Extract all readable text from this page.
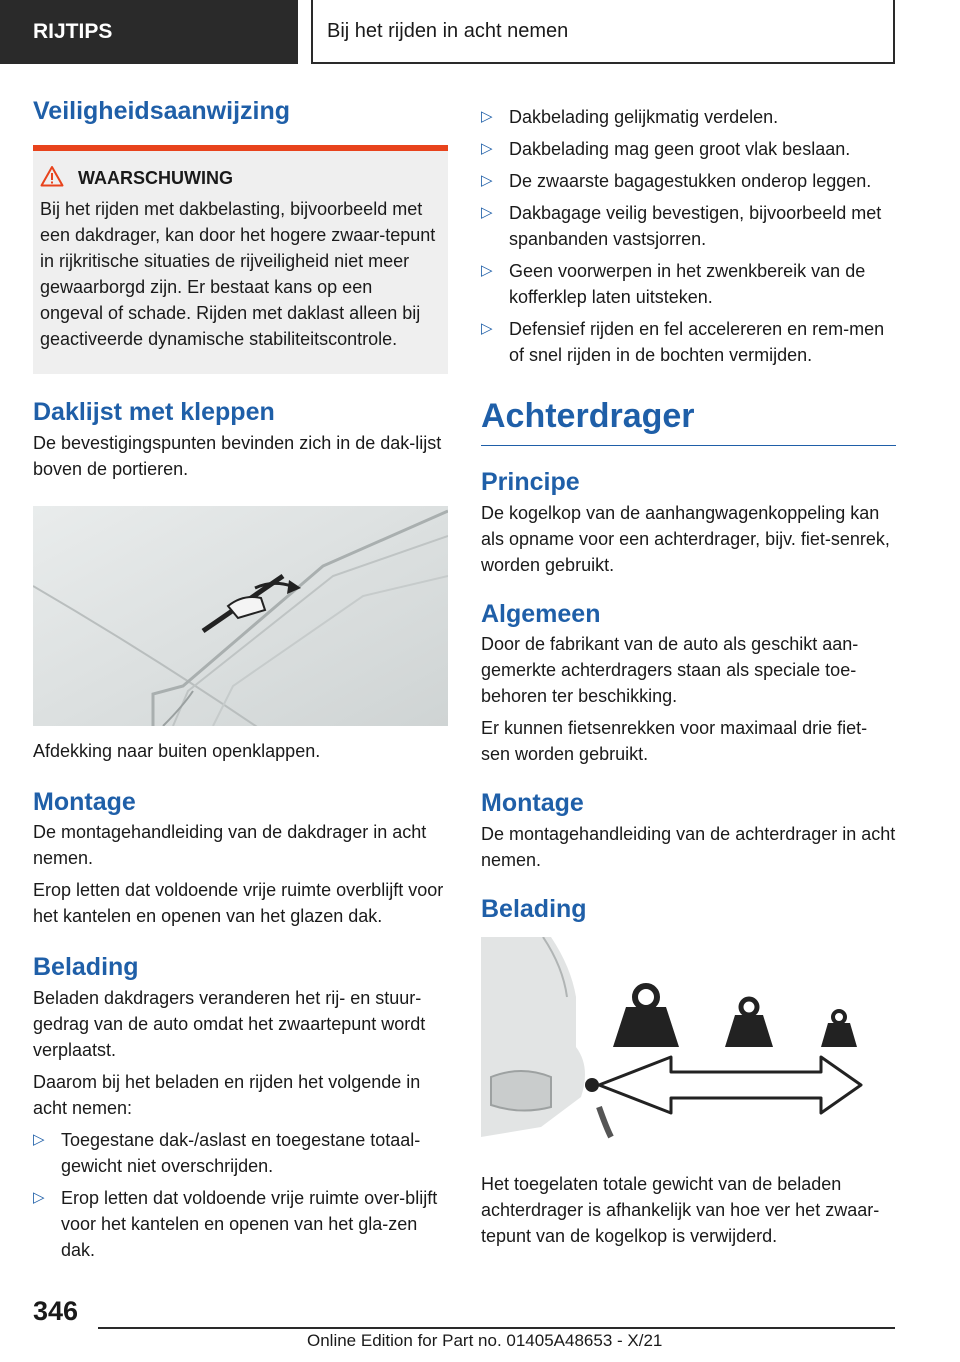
RIJTIPS	Bij het rijden in acht nemen
Veiligheidsaanwijzing
WAARSCHUWING

Bij het rijden met dakbelasting, bijvoorbeeld met een dakdrager, kan door het hogere zwaar-tepunt in rijkritische situaties de rijveiligheid niet meer gewaarborgd zijn. Er bestaat kans op een ongeval of schade. Rijden met daklast alleen bij geactiveerde dynamische stabiliteitscontrole.

Daklijst met kleppen

De bevestigingspunten bevinden zich in de dak-lijst boven de portieren.

Afdekking naar buiten openklappen.

Montage

De montagehandleiding van de dakdrager in acht nemen.

Erop letten dat voldoende vrije ruimte overblijft voor het kantelen en openen van het glazen dak.

Belading

Beladen dakdragers veranderen het rij- en stuur-gedrag van de auto omdat het zwaartepunt wordt verplaatst.

Daarom bij het beladen en rijden het volgende in acht nemen:

▷ Toegestane dak-/aslast en toegestane totaal-gewicht niet overschrijden.
▷ Erop letten dat voldoende vrije ruimte over-blijft voor het kantelen en openen van het gla-zen dak.
▷ Dakbelading gelijkmatig verdelen.
▷ Dakbelading mag geen groot vlak beslaan.
▷ De zwaarste bagagestukken onderop leggen.
▷ Dakbagage veilig bevestigen, bijvoorbeeld met spanbanden vastsjorren.
▷ Geen voorwerpen in het zwenkbereik van de kofferklep laten uitsteken.
▷ Defensief rijden en fel accelereren en rem-men of snel rijden in de bochten vermijden.
Achterdrager
Principe

De kogelkop van de aanhangwagenkoppeling kan als opname voor een achterdrager, bijv. fiet-senrek, worden gebruikt.

Algemeen

Door de fabrikant van de auto als geschikt aan-gemerkte achterdragers staan als speciale toe-behoren ter beschikking.

Er kunnen fietsenrekken voor maximaal drie fiet-sen worden gebruikt.

Montage

De montagehandleiding van de achterdrager in acht nemen.

Belading

Het toegelaten totale gewicht van de beladen achterdrager is afhankelijk van hoe ver het zwaar-tepunt van de kogelkop is verwijderd.

346
Online Edition for Part no. 01405A48653 - X/21
